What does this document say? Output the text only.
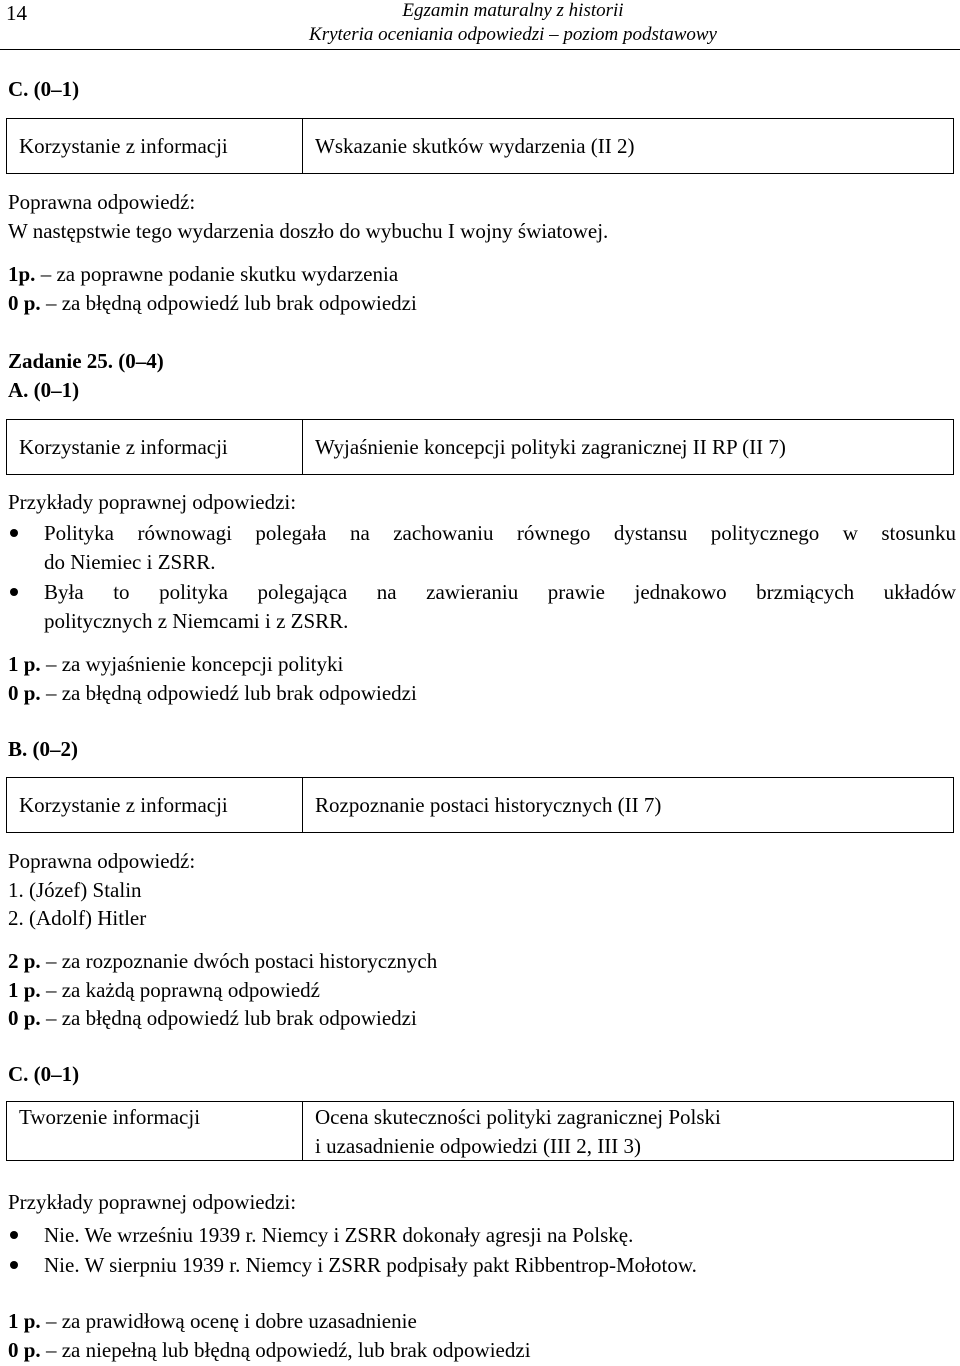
14	Egzamin maturalny z historii
Kryteria oceniania odpowiedzi – poziom podstawowy
C. (0–1)
Korzystanie z informacji	Wskazanie skutków wydarzenia (II 2)
Poprawna odpowiedź:
W następstwie tego wydarzenia doszło do wybuchu I wojny światowej.
1p. – za poprawne podanie skutku wydarzenia
0 p. – za błędną odpowiedź lub brak odpowiedzi
Zadanie 25. (0–4)
A. (0–1)
Korzystanie z informacji	Wyjaśnienie koncepcji polityki zagranicznej II RP (II 7)
Przykłady poprawnej odpowiedzi:
Polityka równowagi polegała na zachowaniu równego dystansu politycznego w stosunku
do Niemiec i ZSRR.
Była to polityka polegająca na zawieraniu prawie jednakowo brzmiących układów
politycznych z Niemcami i z ZSRR.
1 p. – za wyjaśnienie koncepcji polityki
0 p. – za błędną odpowiedź lub brak odpowiedzi
B. (0–2)
Korzystanie z informacji	Rozpoznanie postaci historycznych (II 7)
Poprawna odpowiedź:
1. (Józef) Stalin
2. (Adolf) Hitler
2 p. – za rozpoznanie dwóch postaci historycznych
1 p. – za każdą poprawną odpowiedź
0 p. – za błędną odpowiedź lub brak odpowiedzi
C. (0–1)
Tworzenie informacji	Ocena skuteczności polityki zagranicznej Polski
i uzasadnienie odpowiedzi (III 2, III 3)
Przykłady poprawnej odpowiedzi:
Nie. We wrześniu 1939 r. Niemcy i ZSRR dokonały agresji na Polskę.
Nie. W sierpniu 1939 r. Niemcy i ZSRR podpisały pakt Ribbentrop-Mołotow.
1 p. – za prawidłową ocenę i dobre uzasadnienie
0 p. – za niepełną lub błędną odpowiedź, lub brak odpowiedzi
